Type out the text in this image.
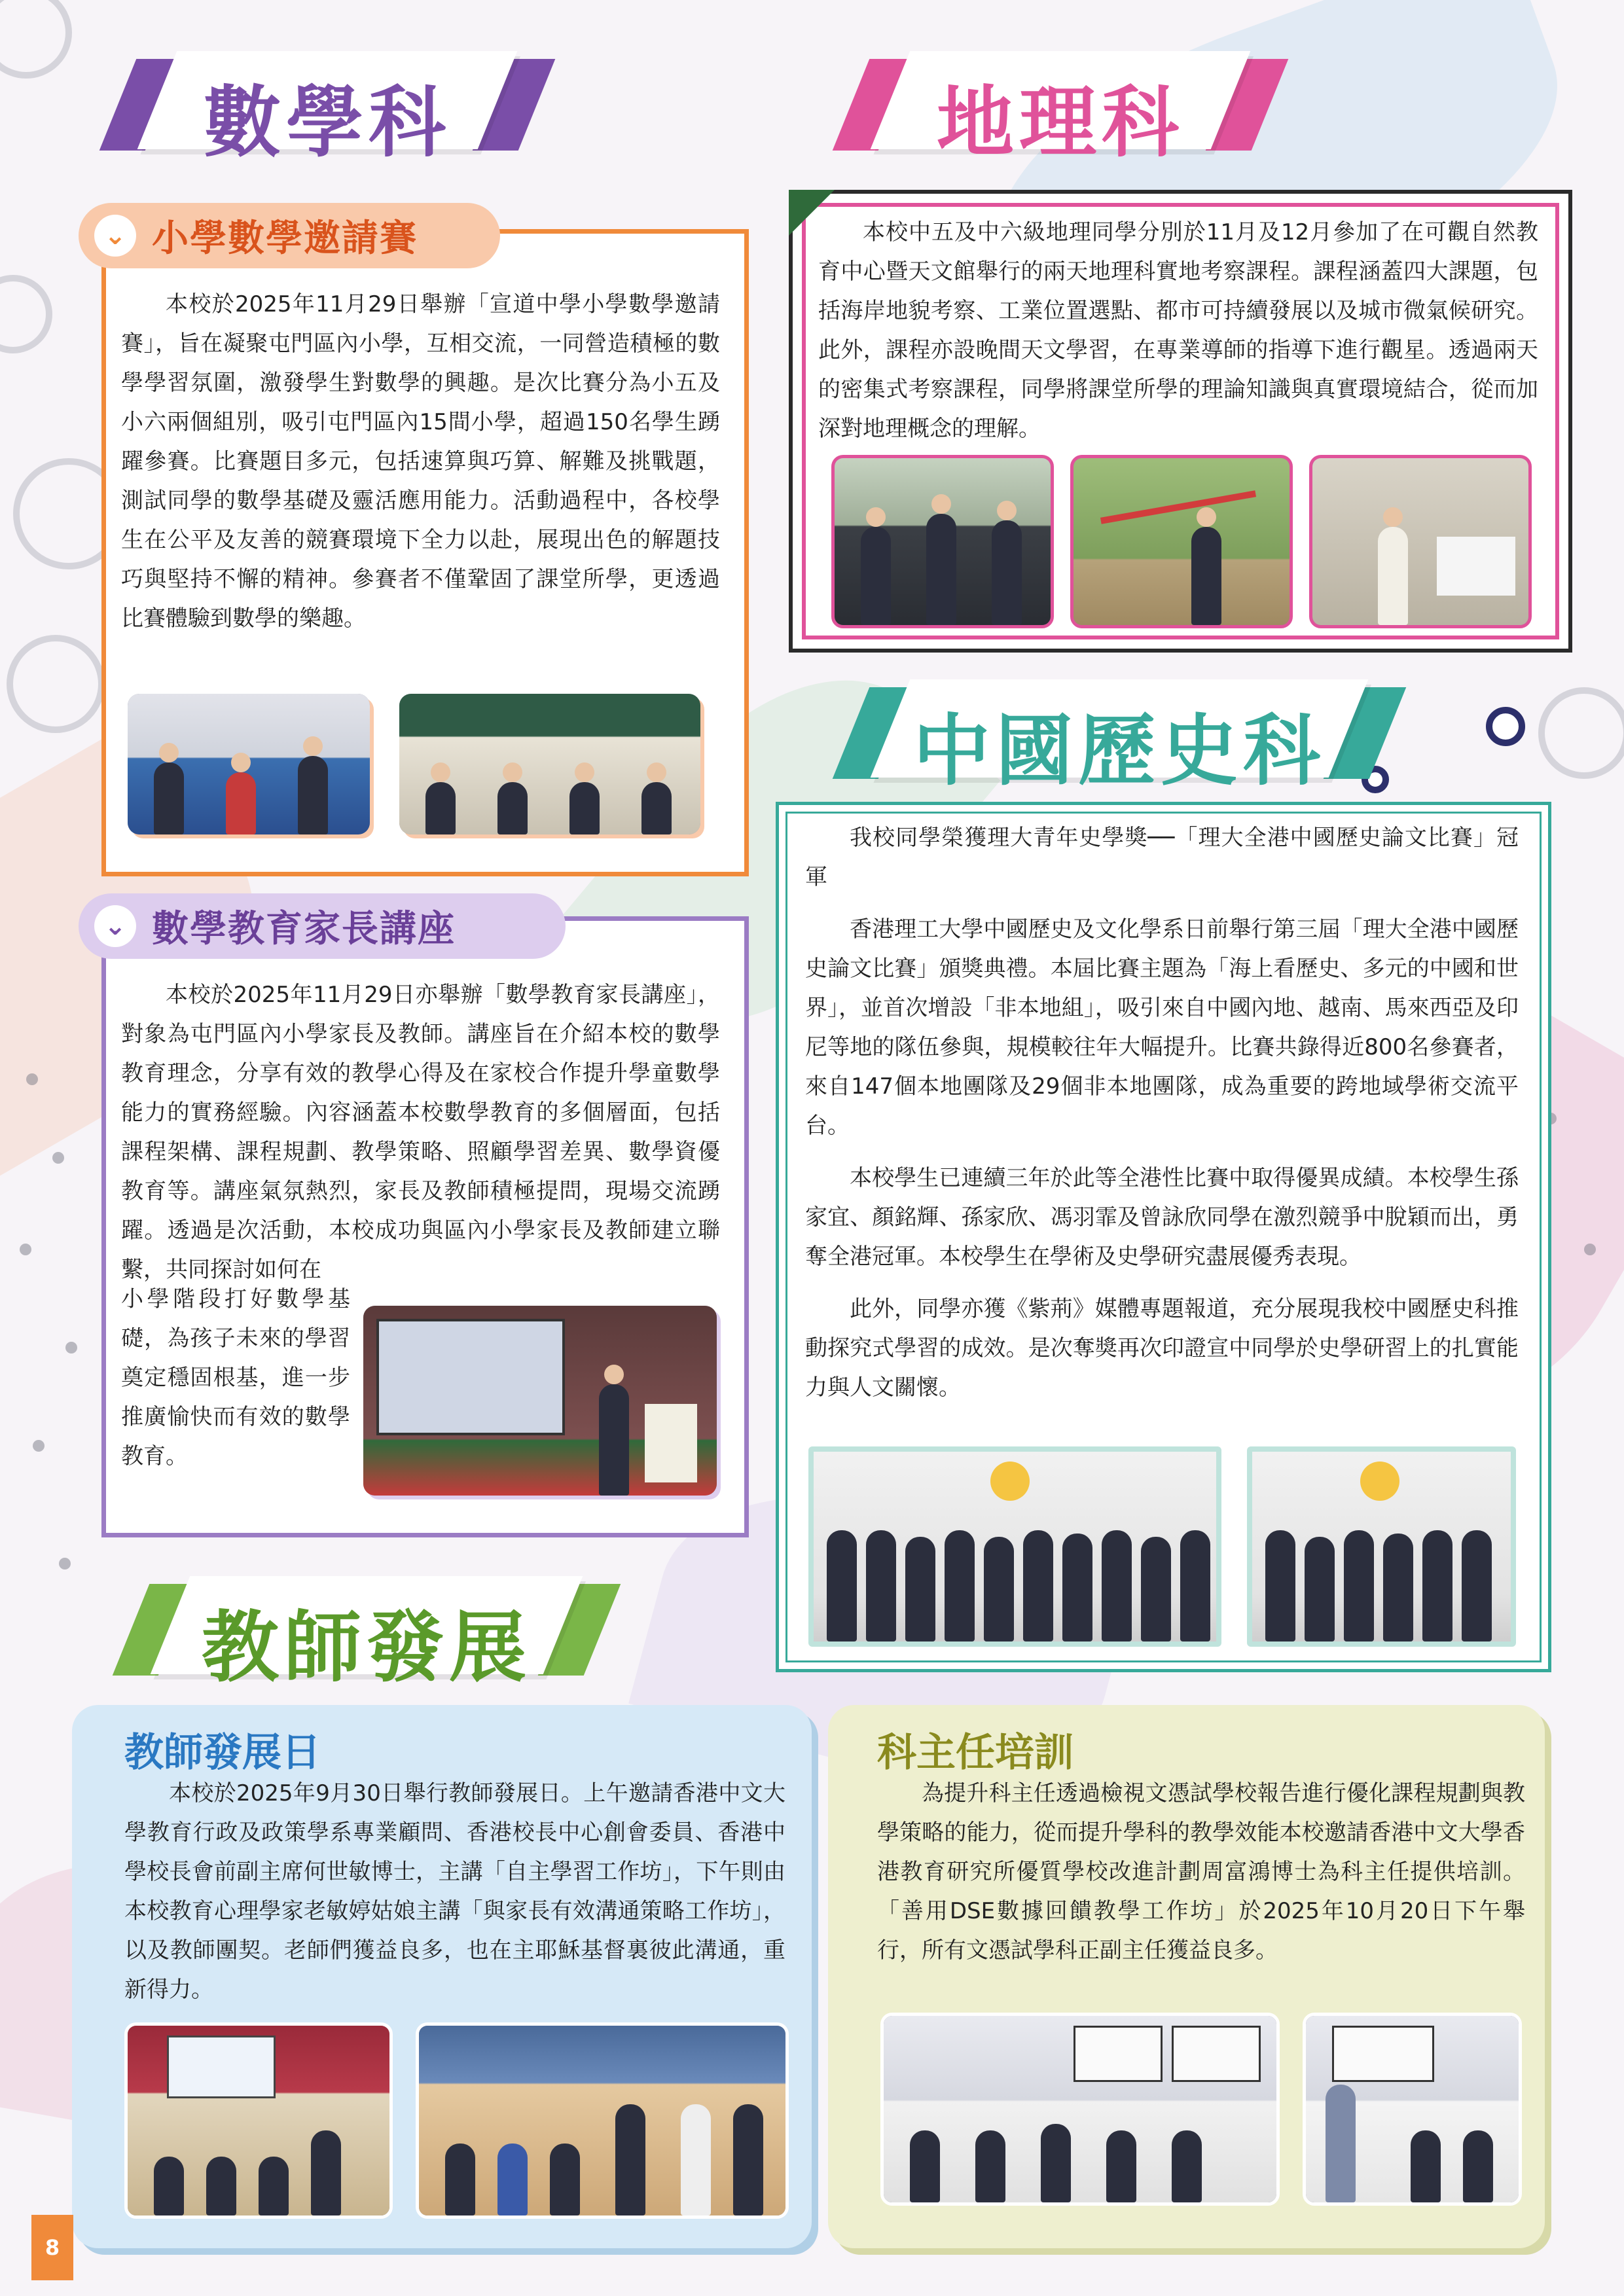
數學科
⌄ 小學數學邀請賽

本校於2025年11月29日舉辦「宣道中學小學數學邀請賽」，旨在凝聚屯門區內小學，互相交流，一同營造積極的數學學習氛圍，激發學生對數學的興趣。是次比賽分為小五及小六兩個組別，吸引屯門區內15間小學，超過150名學生踴躍參賽。比賽題目多元，包括速算與巧算、解難及挑戰題，測試同學的數學基礎及靈活應用能力。活動過程中，各校學生在公平及友善的競賽環境下全力以赴，展現出色的解題技巧與堅持不懈的精神。參賽者不僅鞏固了課堂所學，更透過比賽體驗到數學的樂趣。

⌄ 數學教育家長講座

本校於2025年11月29日亦舉辦「數學教育家長講座」，對象為屯門區內小學家長及教師。講座旨在介紹本校的數學教育理念，分享有效的教學心得及在家校合作提升學童數學能力的實務經驗。內容涵蓋本校數學教育的多個層面，包括課程架構、課程規劃、教學策略、照顧學習差異、數學資優教育等。講座氣氛熱烈，家長及教師積極提問，現場交流踴躍。透過是次活動，本校成功與區內小學家長及教師建立聯繫，共同探討如何在

小學階段打好數學基礎，為孩子未來的學習奠定穩固根基，進一步推廣愉快而有效的數學教育。

地理科

本校中五及中六級地理同學分別於11月及12月參加了在可觀自然教育中心暨天文館舉行的兩天地理科實地考察課程。課程涵蓋四大課題，包括海岸地貌考察、工業位置選點、都市可持續發展以及城市微氣候研究。此外，課程亦設晚間天文學習，在專業導師的指導下進行觀星。透過兩天的密集式考察課程，同學將課堂所學的理論知識與真實環境結合，從而加深對地理概念的理解。

中國歷史科

我校同學榮獲理大青年史學獎──「理大全港中國歷史論文比賽」冠軍

香港理工大學中國歷史及文化學系日前舉行第三屆「理大全港中國歷史論文比賽」頒獎典禮。本屆比賽主題為「海上看歷史、多元的中國和世界」，並首次增設「非本地組」，吸引來自中國內地、越南、馬來西亞及印尼等地的隊伍參與，規模較往年大幅提升。比賽共錄得近800名參賽者，來自147個本地團隊及29個非本地團隊，成為重要的跨地域學術交流平台。

本校學生已連續三年於此等全港性比賽中取得優異成績。本校學生孫家宜、顏銘輝、孫家欣、馮羽霏及曾詠欣同學在激烈競爭中脫穎而出，勇奪全港冠軍。本校學生在學術及史學研究盡展優秀表現。

此外，同學亦獲《紫荊》媒體專題報道，充分展現我校中國歷史科推動探究式學習的成效。是次奪獎再次印證宣中同學於史學研習上的扎實能力與人文關懷。

教師發展
教師發展日

本校於2025年9月30日舉行教師發展日。上午邀請香港中文大學教育行政及政策學系專業顧問、香港校長中心創會委員、香港中學校長會前副主席何世敏博士，主講「自主學習工作坊」，下午則由本校教育心理學家老敏婷姑娘主講「與家長有效溝通策略工作坊」，以及教師團契。老師們獲益良多，也在主耶穌基督裏彼此溝通，重新得力。

科主任培訓

為提升科主任透過檢視文憑試學校報告進行優化課程規劃與教學策略的能力，從而提升學科的教學效能本校邀請香港中文大學香港教育研究所優質學校改進計劃周富鴻博士為科主任提供培訓。「善用DSE數據回饋教學工作坊」於2025年10月20日下午舉行，所有文憑試學科正副主任獲益良多。

8
